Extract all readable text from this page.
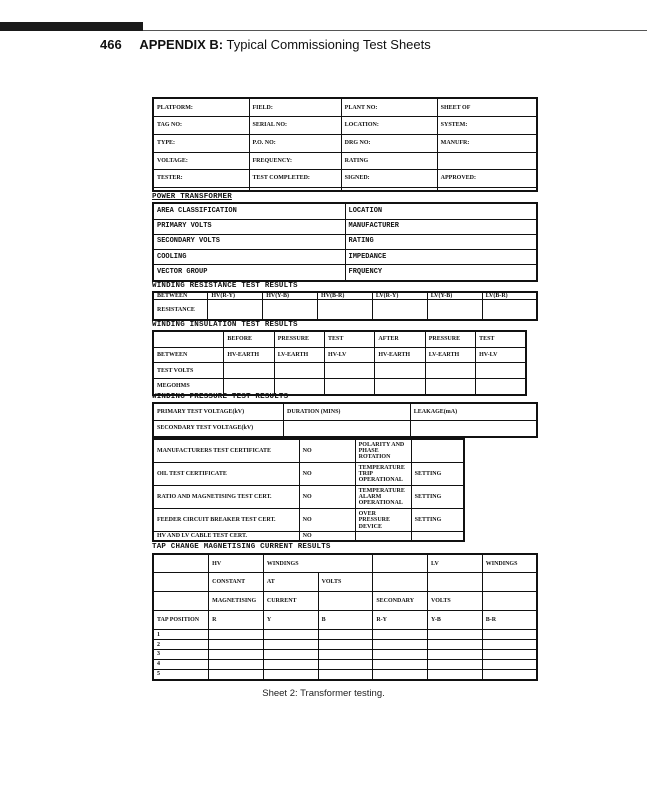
466 APPENDIX B: Typical Commissioning Test Sheets
PLATFORM:	FIELD:	PLANT NO:	SHEET OF
TAG NO:	SERIAL NO:	LOCATION:	SYSTEM:
TYPE:	P.O. NO:	DRG NO:	MANUFR:
VOLTAGE:	FREQUENCY:	RATING	
TESTER:	TEST COMPLETED:	SIGNED:	APPROVED:

POWER TRANSFORMER
AREA CLASSIFICATION	LOCATION
PRIMARY VOLTS	MANUFACTURER
SECONDARY VOLTS	RATING
COOLING	IMPEDANCE
VECTOR GROUP	FRQUENCY
WINDING RESISTANCE TEST RESULTS
BETWEEN	HV(R-Y)	HV(Y-B)	HV(B-R)	LV(R-Y)	LV(Y-B)	LV(B-R)
RESISTANCE						
WINDING INSULATION TEST RESULTS
	BEFORE	PRESSURE	TEST	AFTER	PRESSURE	TEST
BETWEEN	HV-EARTH	LV-EARTH	HV-LV	HV-EARTH	LV-EARTH	HV-LV
TEST VOLTS						
MEGOHMS						
WINDING PRESSURE TEST RESULTS
PRIMARY TEST VOLTAGE(kV)	DURATION (MINS)	LEAKAGE(mA)
SECONDARY TEST VOLTAGE(kV)		
MANUFACTURERS TEST CERTIFICATE	NO	POLARITY AND PHASE ROTATION	
OIL TEST CERTIFICATE	NO	TEMPERATURE TRIP OPERATIONAL	SETTING
RATIO AND MAGNETISING TEST CERT.	NO	TEMPERATURE ALARM OPERATIONAL	SETTING
FEEDER CIRCUIT BREAKER TEST CERT.	NO	OVER PRESSURE DEVICE	SETTING
HV AND LV CABLE TEST CERT.	NO		
TAP CHANGE MAGNETISING CURRENT RESULTS
	HV	WINDINGS			LV	WINDINGS
	CONSTANT	AT	VOLTS			
	MAGNETISING	CURRENT		SECONDARY	VOLTS	
TAP POSITION	R	Y	B	R-Y	Y-B	B-R
1						
2						
3						
4						
5						
Sheet 2: Transformer testing.
